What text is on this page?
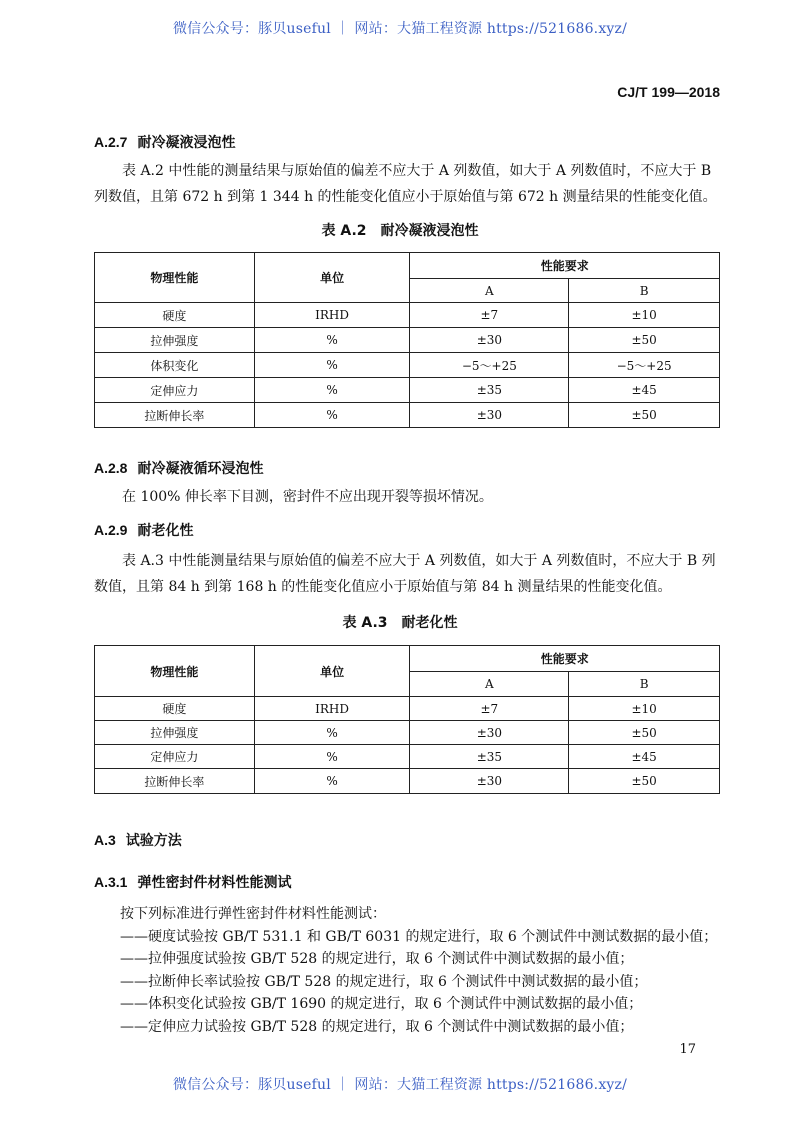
微信公众号：豚贝useful ｜ 网站：大猫工程资源 https://521686.xyz/
CJ/T 199—2018
A.2.7 耐冷凝液浸泡性
表 A.2 中性能的测量结果与原始值的偏差不应大于 A 列数值，如大于 A 列数值时，不应大于 B 列数值，且第 672 h 到第 1 344 h 的性能变化值应小于原始值与第 672 h 测量结果的性能变化值。
表 A.2　耐冷凝液浸泡性
物理性能	单位	性能要求	
		A	B
硬度	IRHD	±7	±10
拉伸强度	%	±30	±50
体积变化	%	−5～+25	−5～+25
定伸应力	%	±35	±45
拉断伸长率	%	±30	±50
A.2.8 耐冷凝液循环浸泡性
在 100% 伸长率下目测，密封件不应出现开裂等损坏情况。
A.2.9 耐老化性
表 A.3 中性能测量结果与原始值的偏差不应大于 A 列数值，如大于 A 列数值时，不应大于 B 列数值，且第 84 h 到第 168 h 的性能变化值应小于原始值与第 84 h 测量结果的性能变化值。
表 A.3　耐老化性
物理性能	单位	性能要求	
		A	B
硬度	IRHD	±7	±10
拉伸强度	%	±30	±50
定伸应力	%	±35	±45
拉断伸长率	%	±30	±50
A.3 试验方法
A.3.1 弹性密封件材料性能测试
按下列标准进行弹性密封件材料性能测试：
——硬度试验按 GB/T 531.1 和 GB/T 6031 的规定进行，取 6 个测试件中测试数据的最小值；
——拉伸强度试验按 GB/T 528 的规定进行，取 6 个测试件中测试数据的最小值；
——拉断伸长率试验按 GB/T 528 的规定进行，取 6 个测试件中测试数据的最小值；
——体积变化试验按 GB/T 1690 的规定进行，取 6 个测试件中测试数据的最小值；
——定伸应力试验按 GB/T 528 的规定进行，取 6 个测试件中测试数据的最小值；
17
微信公众号：豚贝useful ｜ 网站：大猫工程资源 https://521686.xyz/
